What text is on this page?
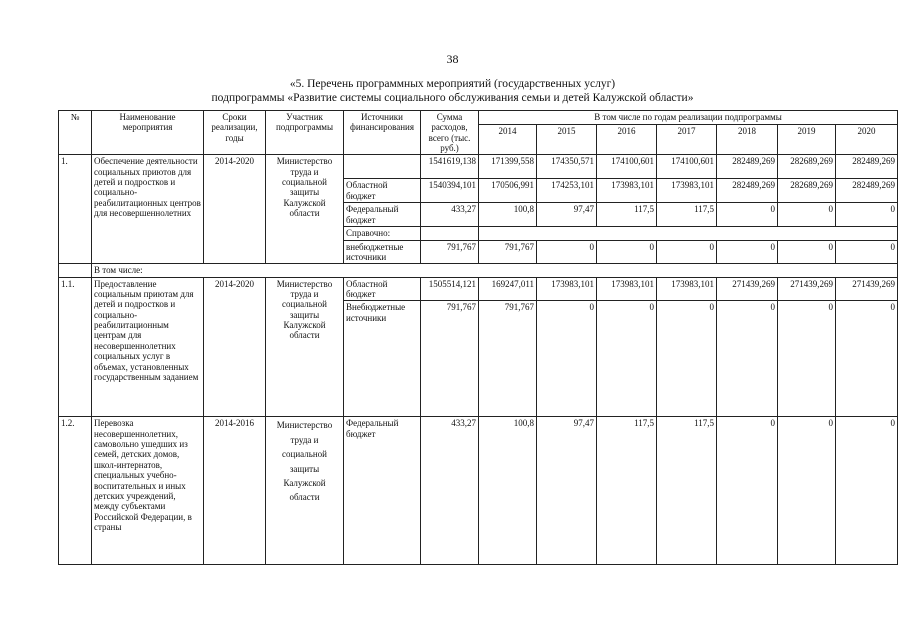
38
«5. Перечень программных мероприятий (государственных услуг)
подпрограммы «Развитие системы социального обслуживания семьи и детей Калужской области»
№	Наименование мероприятия	Сроки реализации, годы	Участник подпрограммы	Источники финансирования	Сумма расходов, всего (тыс. руб.)	В том числе по годам реализации подпрограммы						
						2014	2015	2016	2017	2018	2019	2020
1.	Обеспечение деятельности социальных приютов для детей и подростков и социально-реабилитационных центров для несовершеннолетних	2014-2020	Министерство труда и социальной защиты Калужской области		1541619,138	171399,558	174350,571	174100,601	174100,601	282489,269	282689,269	282489,269
				Областной бюджет	1540394,101	170506,991	174253,101	173983,101	173983,101	282489,269	282689,269	282489,269
				Федеральный бюджет	433,27	100,8	97,47	117,5	117,5	0	0	0
				Справочно:								
				внебюджетные источники	791,767	791,767	0	0	0	0	0	0
	В том числе:											
1.1.	Предоставление социальным приютам для детей и подростков и социально-реабилитационным центрам для несовершеннолетних социальных услуг в объемах, установленных государственным заданием	2014-2020	Министерство труда и социальной защиты Калужской области	Областной бюджет	1505514,121	169247,011	173983,101	173983,101	173983,101	271439,269	271439,269	271439,269
				Внебюджетные источники	791,767	791,767	0	0	0	0	0	0
1.2.	Перевозка несовершеннолетних, самовольно ушедших из семей, детских домов, школ-интернатов, специальных учебно-воспитательных и иных детских учреждений, между субъектами Российской Федерации, в страны	2014-2016	Министерство труда и социальной защиты Калужской области	Федеральный бюджет	433,27	100,8	97,47	117,5	117,5	0	0	0
